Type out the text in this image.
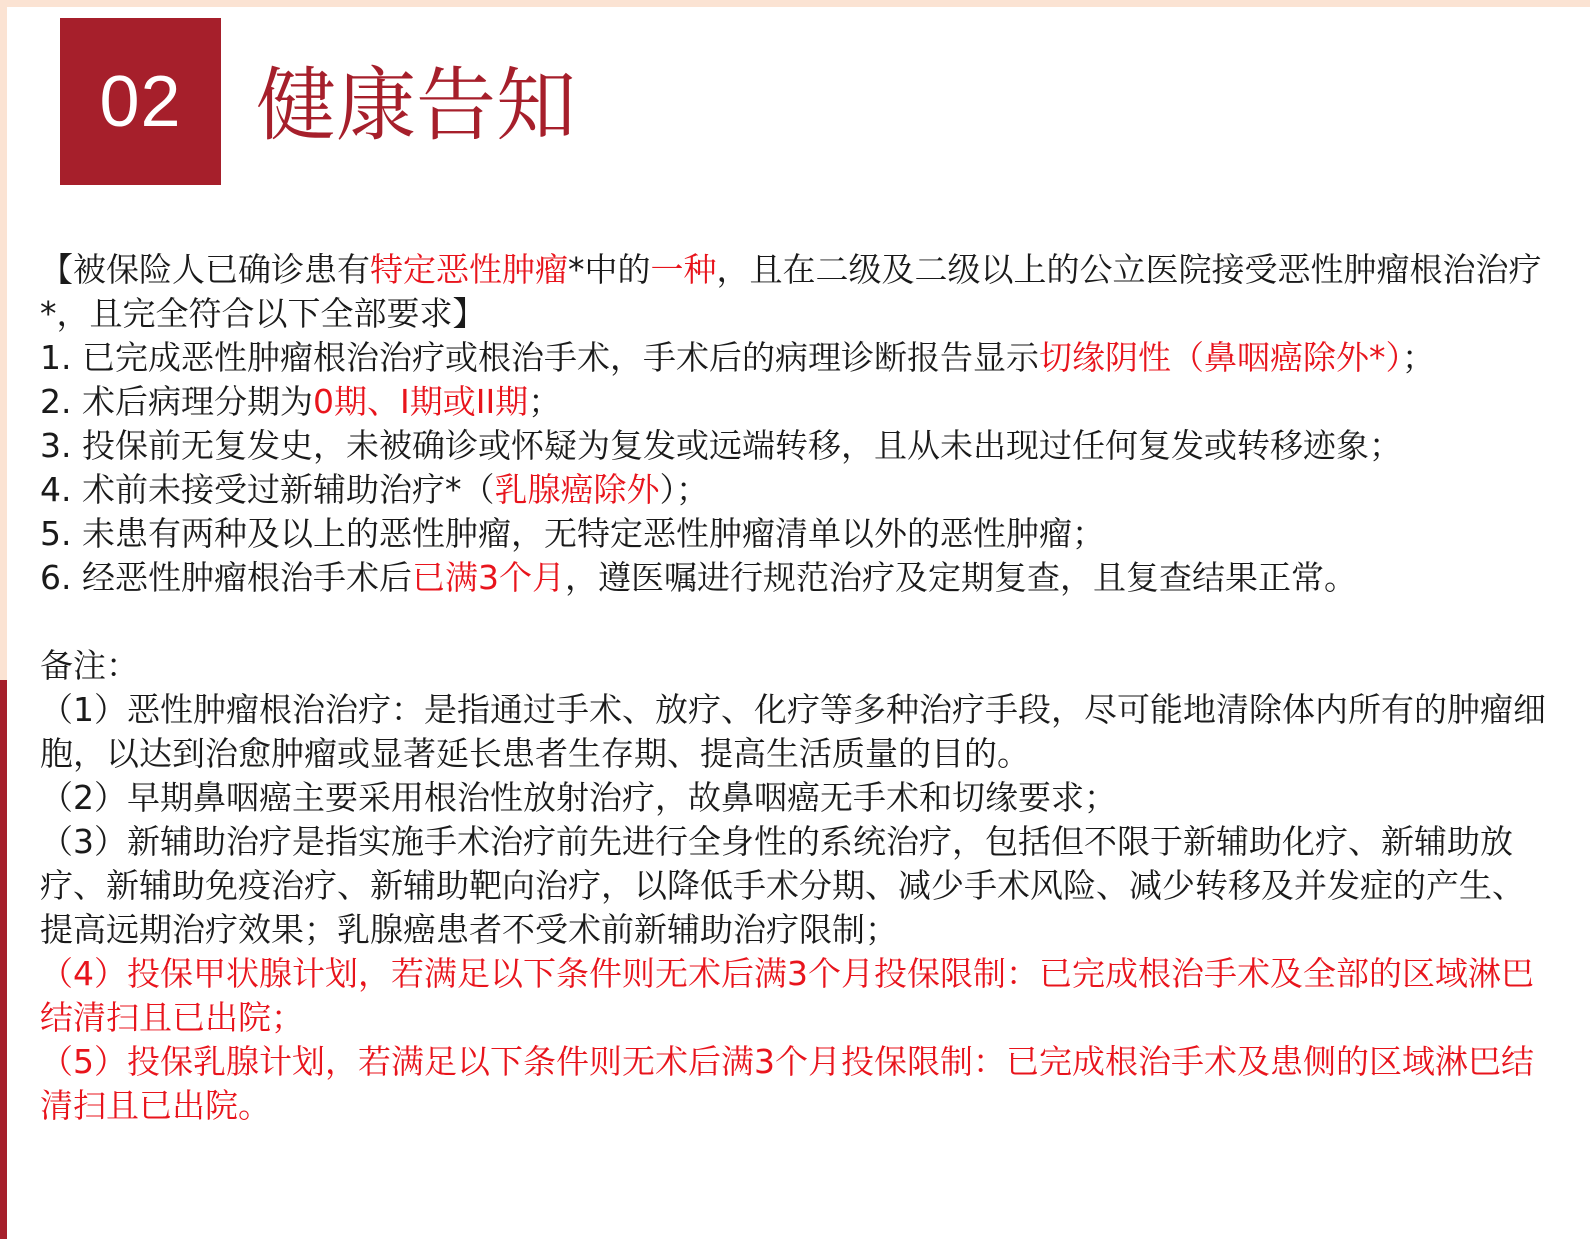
02 健康告知

【被保险人已确诊患有特定恶性肿瘤*中的一种，且在二级及二级以上的公立医院接受恶性肿瘤根治治疗*，且完全符合以下全部要求】

1. 已完成恶性肿瘤根治治疗或根治手术，手术后的病理诊断报告显示切缘阴性（鼻咽癌除外*）；

2. 术后病理分期为0期、I期或II期；

3. 投保前无复发史，未被确诊或怀疑为复发或远端转移，且从未出现过任何复发或转移迹象；

4. 术前未接受过新辅助治疗*（乳腺癌除外）；

5. 未患有两种及以上的恶性肿瘤，无特定恶性肿瘤清单以外的恶性肿瘤；

6. 经恶性肿瘤根治手术后已满3个月，遵医嘱进行规范治疗及定期复查，且复查结果正常。

备注：

（1）恶性肿瘤根治治疗：是指通过手术、放疗、化疗等多种治疗手段，尽可能地清除体内所有的肿瘤细胞，以达到治愈肿瘤或显著延长患者生存期、提高生活质量的目的。

（2）早期鼻咽癌主要采用根治性放射治疗，故鼻咽癌无手术和切缘要求；

（3）新辅助治疗是指实施手术治疗前先进行全身性的系统治疗，包括但不限于新辅助化疗、新辅助放疗、新辅助免疫治疗、新辅助靶向治疗，以降低手术分期、减少手术风险、减少转移及并发症的产生、提高远期治疗效果；乳腺癌患者不受术前新辅助治疗限制；

（4）投保甲状腺计划，若满足以下条件则无术后满3个月投保限制：已完成根治手术及全部的区域淋巴结清扫且已出院；

（5）投保乳腺计划，若满足以下条件则无术后满3个月投保限制：已完成根治手术及患侧的区域淋巴结清扫且已出院。
